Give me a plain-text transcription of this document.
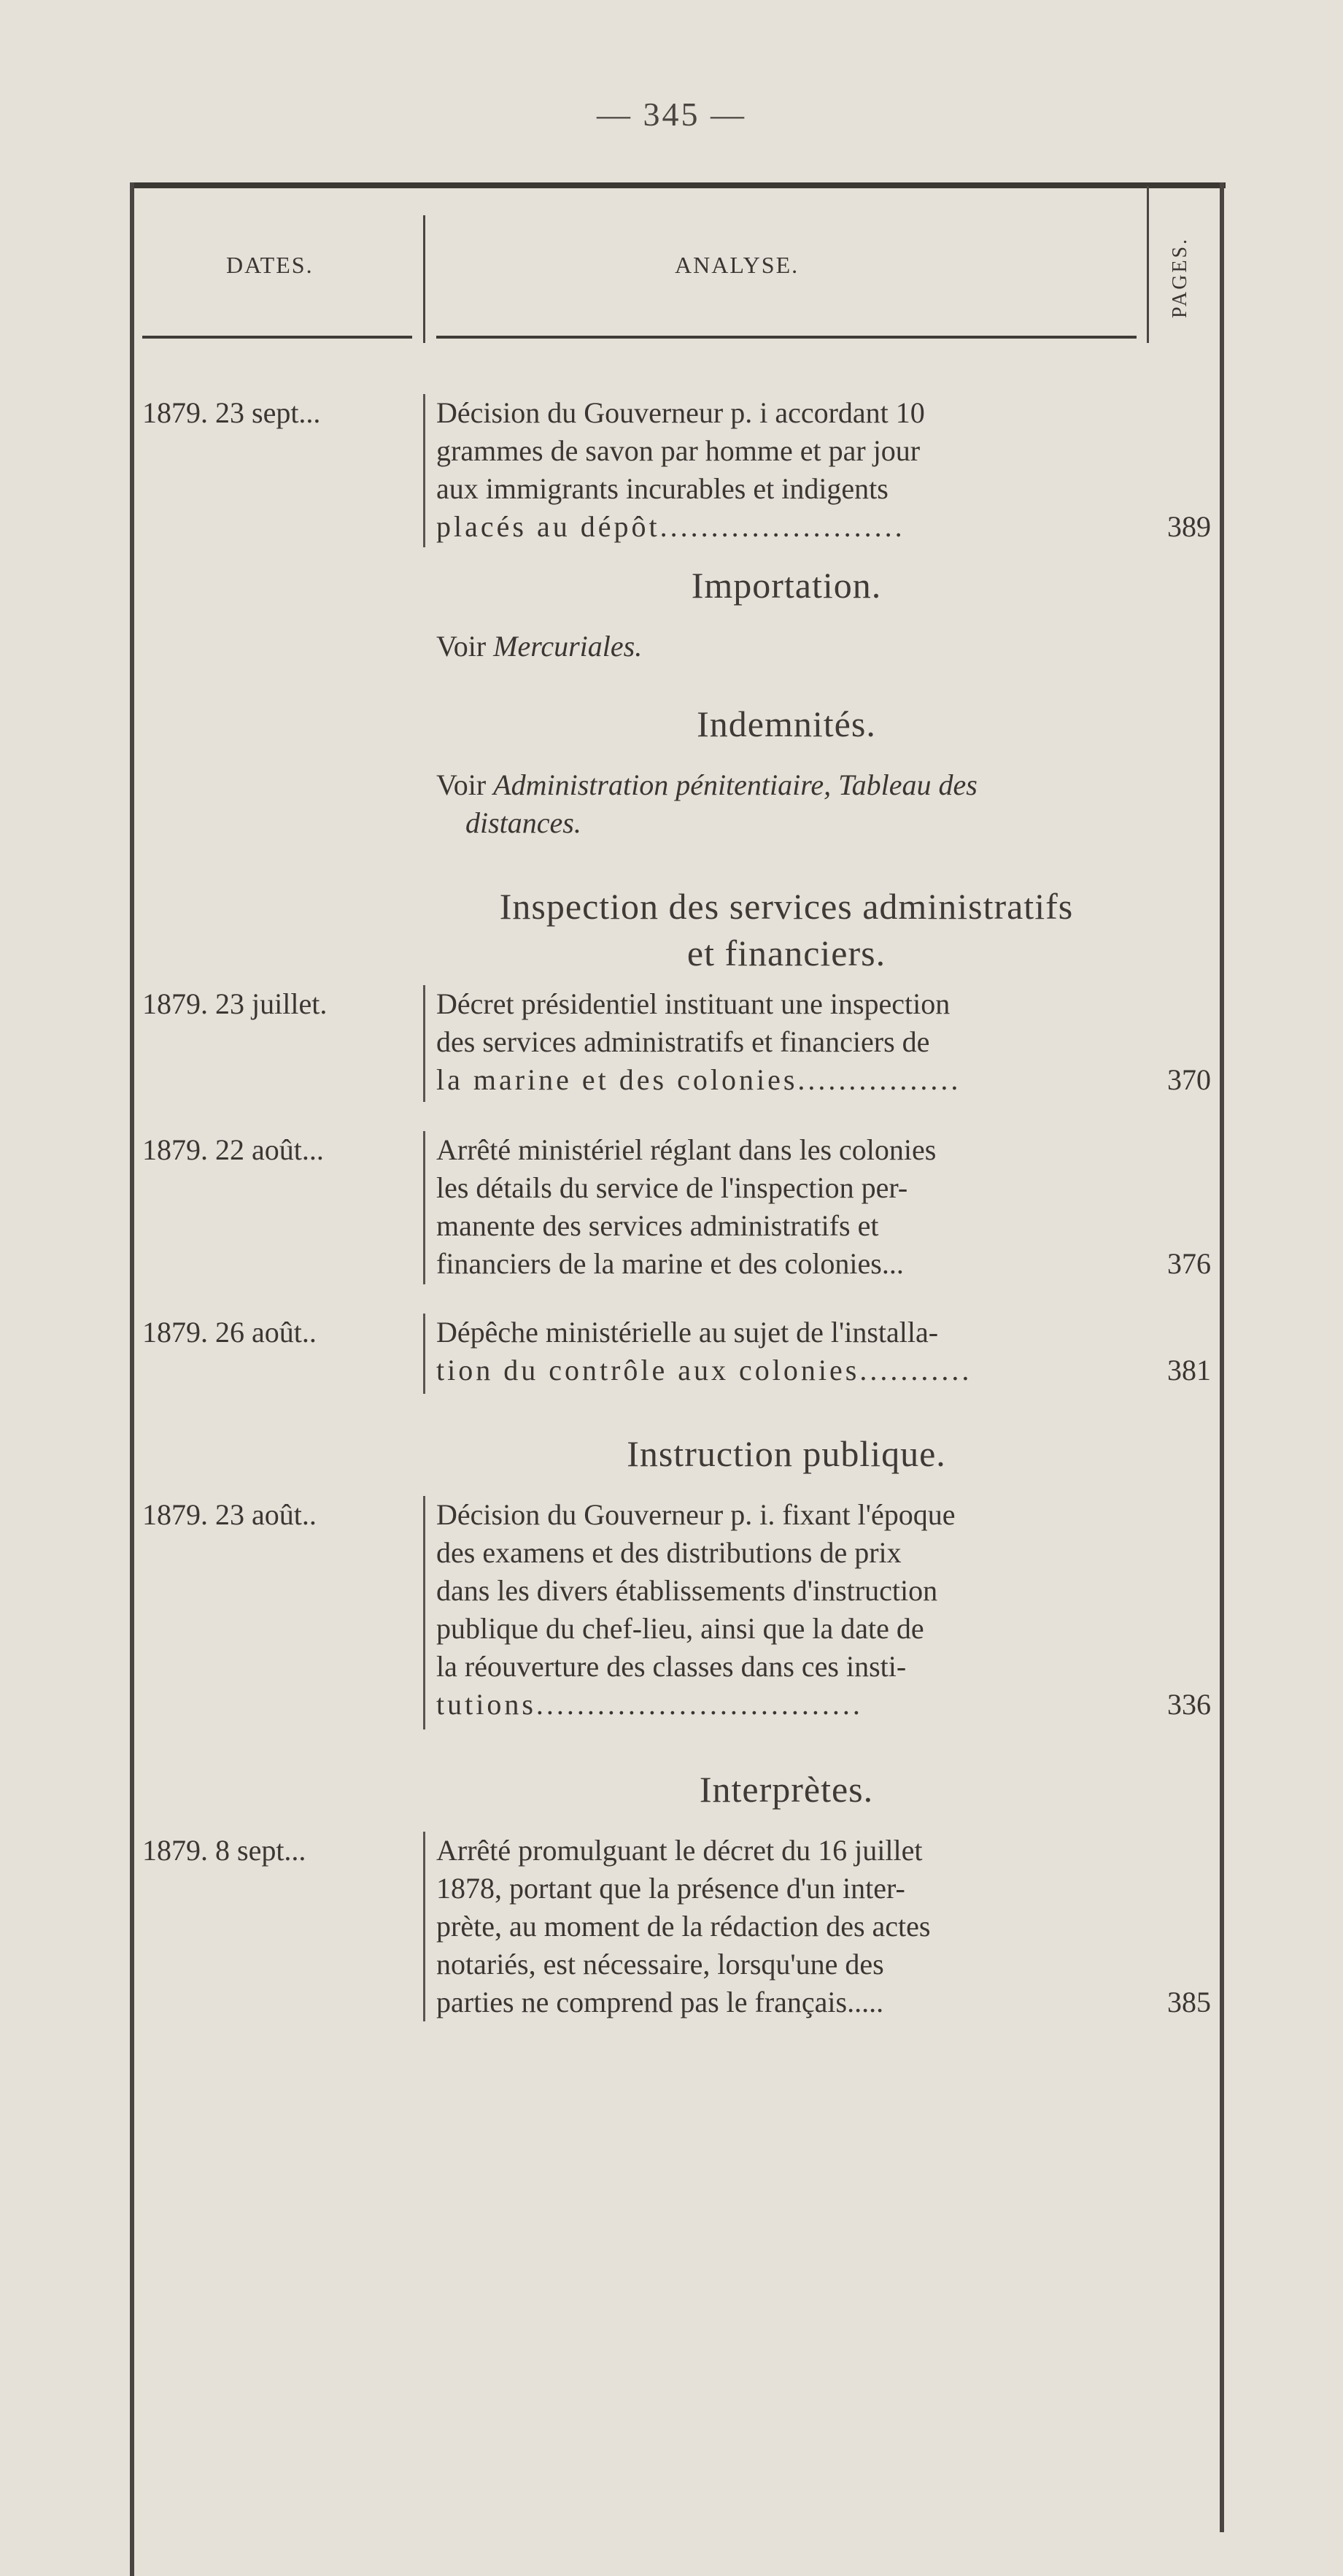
— 345 —
DATES.	ANALYSE.	PAGES.
1879. 23 sept...	Décision du Gouverneur p. i accordant 10
grammes de savon par homme et par jour
aux immigrants incurables et indigents
placés au dépôt........................	389
Importation.
Voir Mercuriales.
Indemnités.
Voir Administration pénitentiaire, Tableau des
distances.
Inspection des services administratifs
et financiers.
1879. 23 juillet.	Décret présidentiel instituant une inspection
des services administratifs et financiers de
la marine et des colonies................	370
1879. 22 août...	Arrêté ministériel réglant dans les colonies
les détails du service de l'inspection per-
manente des services administratifs et
financiers de la marine et des colonies...	376
1879. 26 août..	Dépêche ministérielle au sujet de l'installa-
tion du contrôle aux colonies...........	381
Instruction publique.
1879. 23 août..	Décision du Gouverneur p. i. fixant l'époque
des examens et des distributions de prix
dans les divers établissements d'instruction
publique du chef-lieu, ainsi que la date de
la réouverture des classes dans ces insti-
tutions................................	336
Interprètes.
1879. 8 sept...	Arrêté promulguant le décret du 16 juillet
1878, portant que la présence d'un inter-
prète, au moment de la rédaction des actes
notariés, est nécessaire, lorsqu'une des
parties ne comprend pas le français.....	385
